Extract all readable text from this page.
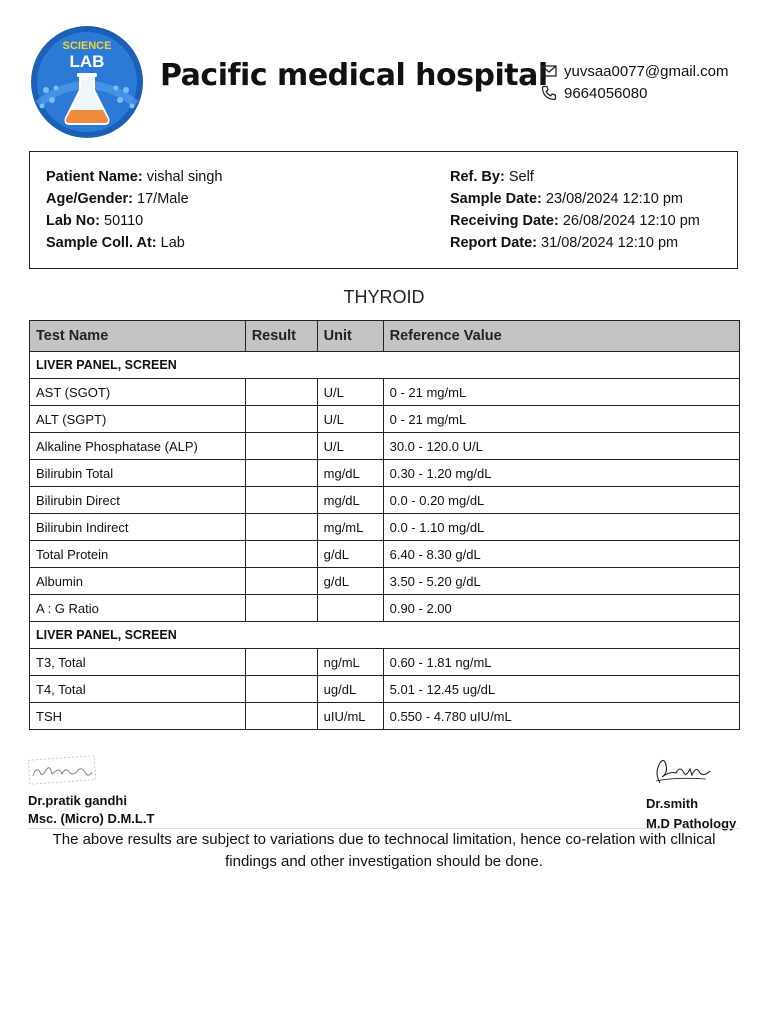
SCIENCE
LAB Pacific medical hospital yuvsaa0077@gmail.com
9664056080
Patient Name: vishal singh
Age/Gender: 17/Male
Lab No: 50110
Sample Coll. At: Lab
Ref. By: Self
Sample Date: 23/08/2024 12:10 pm
Receiving Date: 26/08/2024 12:10 pm
Report Date: 31/08/2024 12:10 pm
THYROID
Test Name	Result	Unit	Reference Value
LIVER PANEL, SCREEN			
AST (SGOT)		U/L	0 - 21 mg/mL
ALT (SGPT)		U/L	0 - 21 mg/mL
Alkaline Phosphatase (ALP)		U/L	30.0 - 120.0 U/L
Bilirubin Total		mg/dL	0.30 - 1.20 mg/dL
Bilirubin Direct		mg/dL	0.0 - 0.20 mg/dL
Bilirubin Indirect		mg/mL	0.0 - 1.10 mg/dL
Total Protein		g/dL	6.40 - 8.30 g/dL
Albumin		g/dL	3.50 - 5.20 g/dL
A : G Ratio			0.90 - 2.00
LIVER PANEL, SCREEN			
T3, Total		ng/mL	0.60 - 1.81 ng/mL
T4, Total		ug/dL	5.01 - 12.45 ug/dL
TSH		uIU/mL	0.550 - 4.780 uIU/mL
Dr.pratik gandhi
Msc. (Micro) D.M.L.T
Dr.smith
M.D Pathology
The above results are subject to variations due to technocal limitation, hence co-relation with cllnical findings and other investigation should be done.
